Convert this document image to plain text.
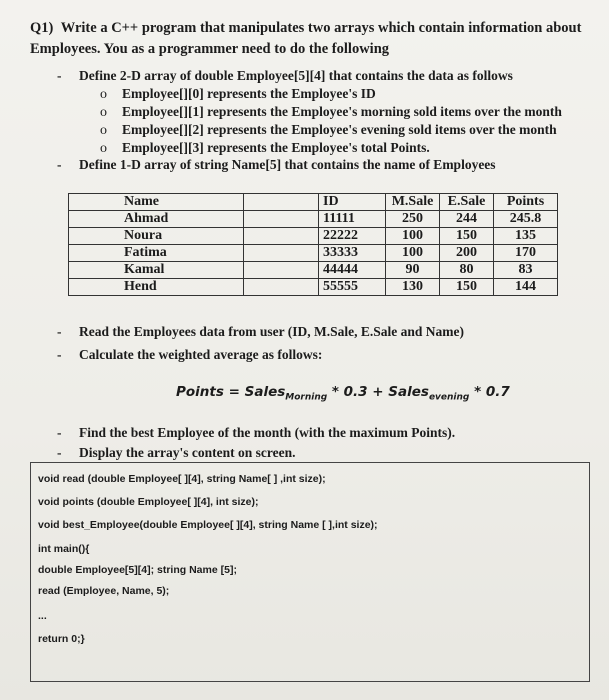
Q1) Write a C++ program that manipulates two arrays which contain information about
Employees. You as a programmer need to do the following
- Define 2-D array of double Employee[5][4] that contains the data as follows
o Employee[][0] represents the Employee's ID
o Employee[][1] represents the Employee's morning sold items over the month
o Employee[][2] represents the Employee's evening sold items over the month
o Employee[][3] represents the Employee's total Points.
- Define 1-D array of string Name[5] that contains the name of Employees
Name		ID	M.Sale	E.Sale	Points
Ahmad		11111	250	244	245.8
Noura		22222	100	150	135
Fatima		33333	100	200	170
Kamal		44444	90	80	83
Hend		55555	130	150	144
- Read the Employees data from user (ID, M.Sale, E.Sale and Name)
- Calculate the weighted average as follows:
Points = Sales$_{Morning}$ * 0.3 + Sales$_{evening}$ * 0.7
- Find the best Employee of the month (with the maximum Points).
- Display the array's content on screen.
void read (double Employee[ ][4], string Name[ ] ,int size);
void points (double Employee[ ][4], int size);
void best_Employee(double Employee[ ][4], string Name [ ],int size);
int main(){
double Employee[5][4]; string Name [5];
read (Employee, Name, 5);
...
return 0;}
